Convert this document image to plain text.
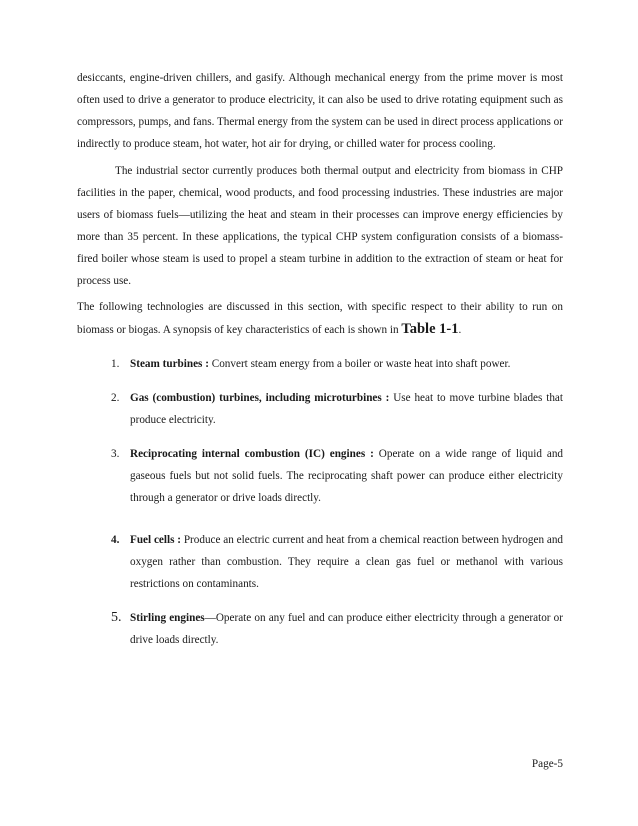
desiccants, engine-driven chillers, and gasify. Although mechanical energy from the prime mover is most often used to drive a generator to produce electricity, it can also be used to drive rotating equipment such as compressors, pumps, and fans. Thermal energy from the system can be used in direct process applications or indirectly to produce steam, hot water, hot air for drying, or chilled water for process cooling.

The industrial sector currently produces both thermal output and electricity from biomass in CHP facilities in the paper, chemical, wood products, and food processing industries. These industries are major users of biomass fuels—utilizing the heat and steam in their processes can improve energy efficiencies by more than 35 percent. In these applications, the typical CHP system configuration consists of a biomass-fired boiler whose steam is used to propel a steam turbine in addition to the extraction of steam or heat for process use.

The following technologies are discussed in this section, with specific respect to their ability to run on biomass or biogas. A synopsis of key characteristics of each is shown in Table 1-1.

1. Steam turbines : Convert steam energy from a boiler or waste heat into shaft power.
2. Gas (combustion) turbines, including microturbines : Use heat to move turbine blades that produce electricity.
3. Reciprocating internal combustion (IC) engines : Operate on a wide range of liquid and gaseous fuels but not solid fuels. The reciprocating shaft power can produce either electricity through a generator or drive loads directly.
4. Fuel cells : Produce an electric current and heat from a chemical reaction between hydrogen and oxygen rather than combustion. They require a clean gas fuel or methanol with various restrictions on contaminants.
5. Stirling engines—Operate on any fuel and can produce either electricity through a generator or drive loads directly.
Page-5
